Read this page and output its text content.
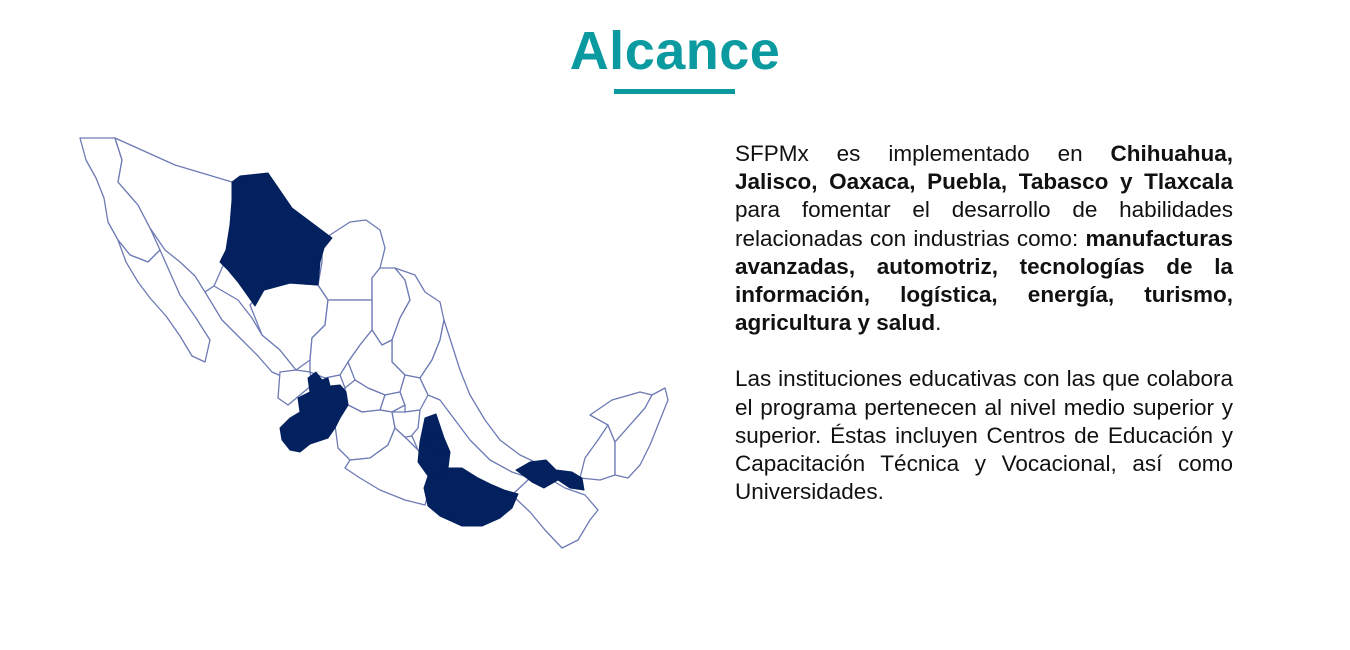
Alcance

SFPMx es implementado en Chihuahua, Jalisco, Oaxaca, Puebla, Tabasco y Tlaxcala para fomentar el desarrollo de habilidades relacionadas con industrias como: manufacturas avanzadas, automotriz, tecnologías de la información, logística, energía, turismo, agricultura y salud.

Las instituciones educativas con las que colabora el programa pertenecen al nivel medio superior y superior. Éstas incluyen Centros de Educación y Capacitación Técnica y Vocacional, así como Universidades.
